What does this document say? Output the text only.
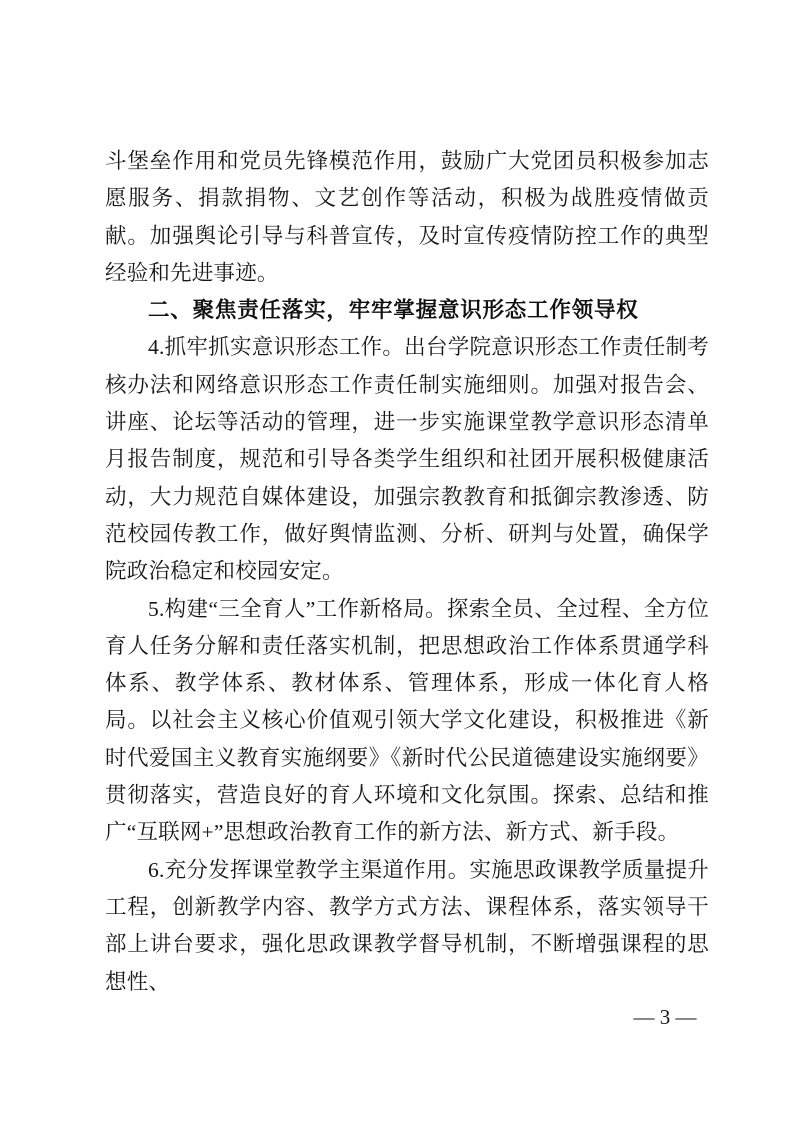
斗堡垒作用和党员先锋模范作用，鼓励广大党团员积极参加志愿服务、捐款捐物、文艺创作等活动，积极为战胜疫情做贡献。加强舆论引导与科普宣传，及时宣传疫情防控工作的典型经验和先进事迹。

二、聚焦责任落实，牢牢掌握意识形态工作领导权

4.抓牢抓实意识形态工作。出台学院意识形态工作责任制考核办法和网络意识形态工作责任制实施细则。加强对报告会、讲座、论坛等活动的管理，进一步实施课堂教学意识形态清单月报告制度，规范和引导各类学生组织和社团开展积极健康活动，大力规范自媒体建设，加强宗教教育和抵御宗教渗透、防范校园传教工作，做好舆情监测、分析、研判与处置，确保学院政治稳定和校园安定。

5.构建“三全育人”工作新格局。探索全员、全过程、全方位育人任务分解和责任落实机制，把思想政治工作体系贯通学科体系、教学体系、教材体系、管理体系，形成一体化育人格局。以社会主义核心价值观引领大学文化建设，积极推进《新时代爱国主义教育实施纲要》《新时代公民道德建设实施纲要》贯彻落实，营造良好的育人环境和文化氛围。探索、总结和推广“互联网+”思想政治教育工作的新方法、新方式、新手段。

6.充分发挥课堂教学主渠道作用。实施思政课教学质量提升工程，创新教学内容、教学方式方法、课程体系，落实领导干部上讲台要求，强化思政课教学督导机制，不断增强课程的思想性、

— 3 —
